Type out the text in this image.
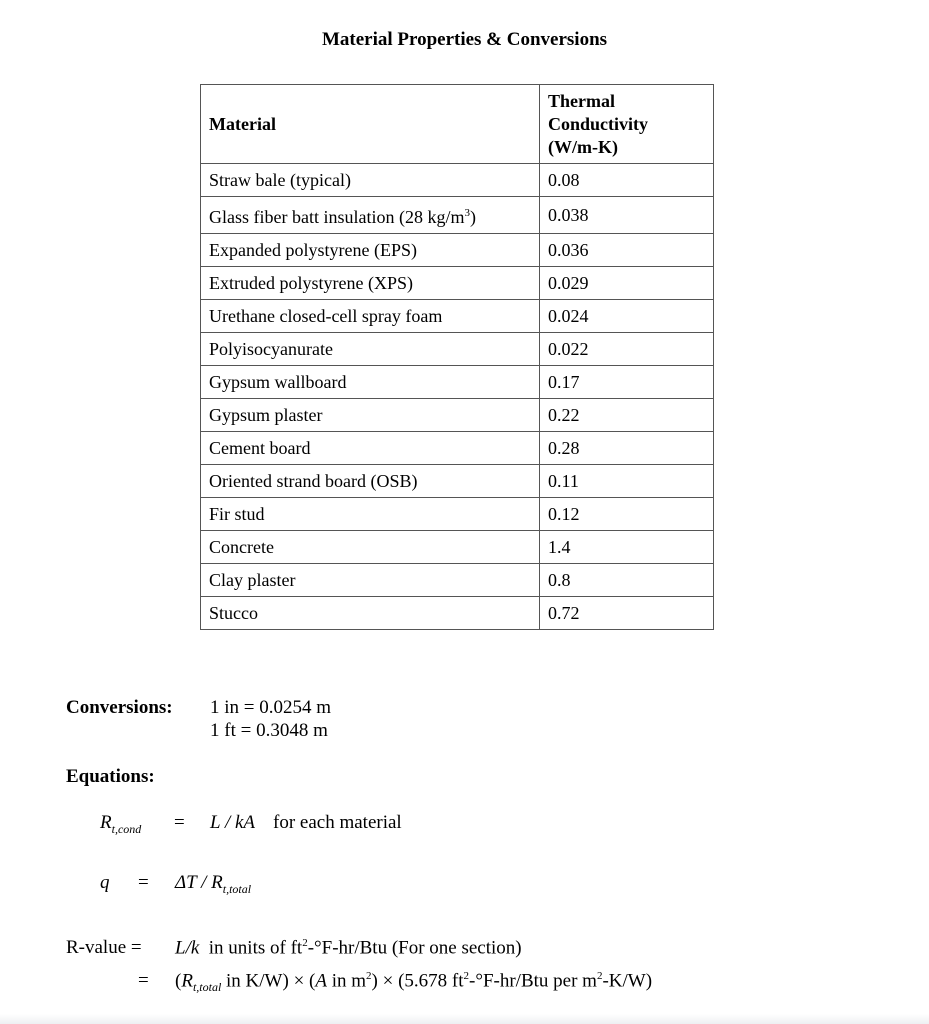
Material Properties & Conversions
Material	Thermal
Conductivity
(W/m-K)

Straw bale (typical)	0.08
Glass fiber batt insulation (28 $kg/m^3$)	0.038
Expanded polystyrene (EPS)	0.036
Extruded polystyrene (XPS)	0.029
Urethane closed-cell spray foam	0.024
Polyisocyanurate	0.022
Gypsum wallboard	0.17
Gypsum plaster	0.22
Cement board	0.28
Oriented strand board (OSB)	0.11
Fir stud	0.12
Concrete	1.4
Clay plaster	0.8
Stucco	0.72
Conversions: 1 in = 0.0254 m
1 ft = 0.3048 m
Equations:
$R_{t,cond} = L$ / kA for each material
$q = \Delta T / R_{t,total}$
R-value = L/k in units of $ft^2-^\circ F-hr$/Btu (For one section)
= ($R_{t,total}$ in K/W) × (A in $m^2) \times (5.678$ $ft^2-^\circ F-hr$/Btu per $m^2-K/W$)
